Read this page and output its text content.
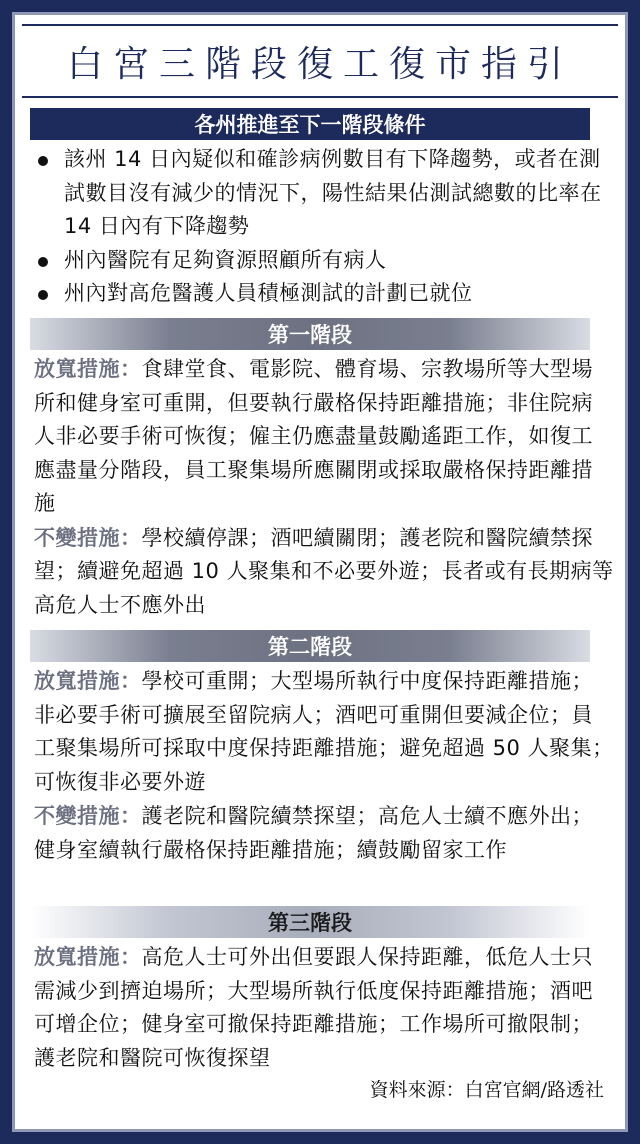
白宮三階段復工復市指引
各州推進至下一階段條件
該州 14 日內疑似和確診病例數目有下降趨勢，或者在測試數目沒有減少的情況下，陽性結果佔測試總數的比率在 14 日內有下降趨勢
州內醫院有足夠資源照顧所有病人
州內對高危醫護人員積極測試的計劃已就位
第一階段

放寬措施：食肆堂食、電影院、體育場、宗教場所等大型場所和健身室可重開，但要執行嚴格保持距離措施；非住院病人非必要手術可恢復；僱主仍應盡量鼓勵遙距工作，如復工應盡量分階段，員工聚集場所應關閉或採取嚴格保持距離措施

不變措施：學校續停課；酒吧續關閉；護老院和醫院續禁探望；續避免超過 10 人聚集和不必要外遊；長者或有長期病等高危人士不應外出

第二階段

放寬措施：學校可重開；大型場所執行中度保持距離措施；非必要手術可擴展至留院病人；酒吧可重開但要減企位；員工聚集場所可採取中度保持距離措施；避免超過 50 人聚集；可恢復非必要外遊

不變措施：護老院和醫院續禁探望；高危人士續不應外出；健身室續執行嚴格保持距離措施；續鼓勵留家工作

第三階段

放寬措施：高危人士可外出但要跟人保持距離，低危人士只需減少到擠迫場所；大型場所執行低度保持距離措施；酒吧可增企位；健身室可撤保持距離措施；工作場所可撤限制；護老院和醫院可恢復探望

資料來源：白宮官網/路透社
